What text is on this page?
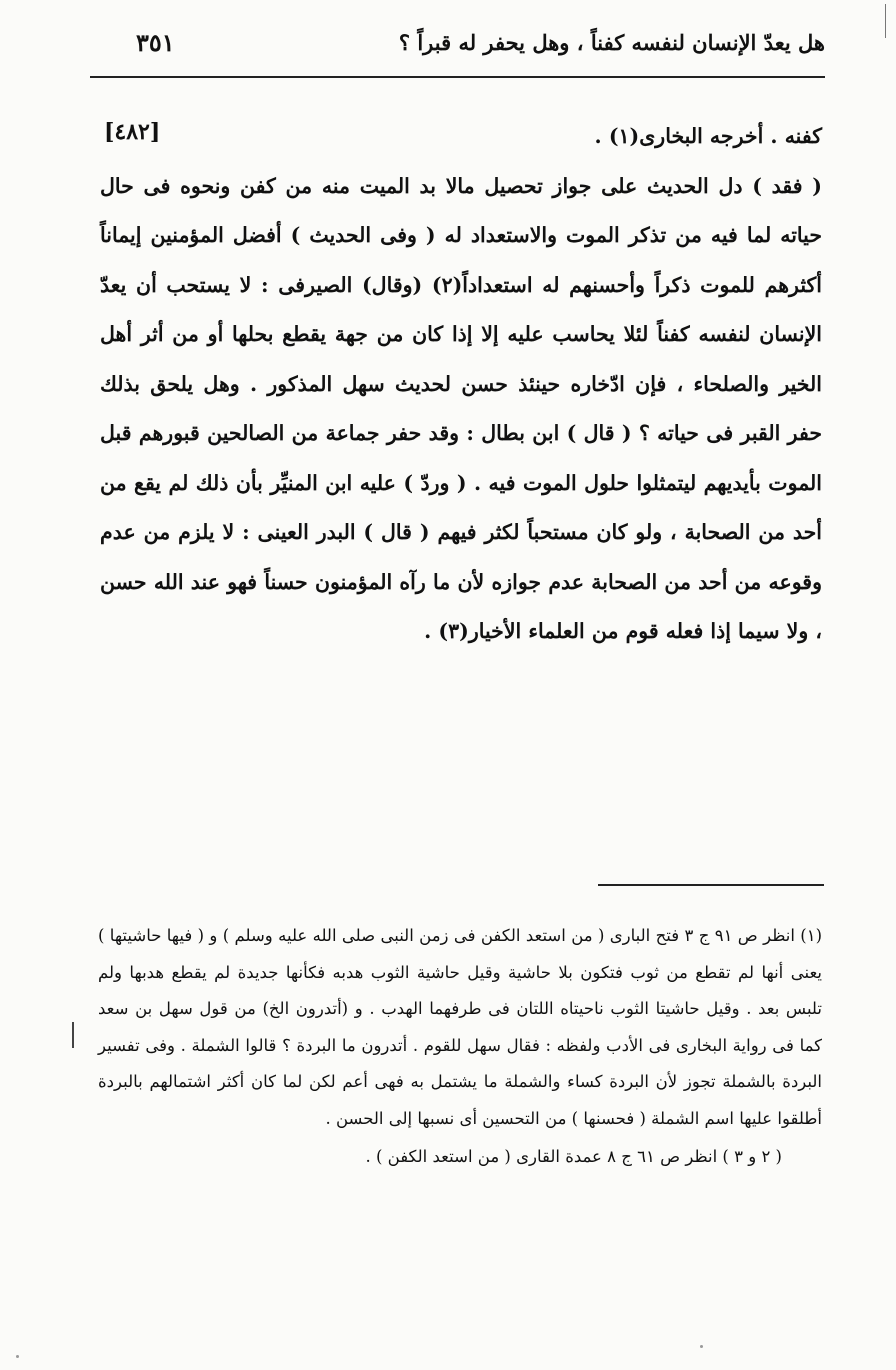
هل يعدّ الإنسان لنفسه كفناً ، وهل يحفر له قبراً ؟
٣٥١
[٤٨٢]	كفنه . أخرجه البخارى(١) .

( فقد ) دل الحديث على جواز تحصيل مالا بد الميت منه من كفن ونحوه فى حال حياته لما فيه من تذكر الموت والاستعداد له ( وفى الحديث ) أفضل المؤمنين إيماناً أكثرهم للموت ذكراً وأحسنهم له استعداداً(٢) (وقال) الصيرفى : لا يستحب أن يعدّ الإنسان لنفسه كفناً لئلا يحاسب عليه إلا إذا كان من جهة يقطع بحلها أو من أثر أهل الخير والصلحاء ، فإن ادّخاره حينئذ حسن لحديث سهل المذكور . وهل يلحق بذلك حفر القبر فى حياته ؟ ( قال ) ابن بطال : وقد حفر جماعة من الصالحين قبورهم قبل الموت بأيديهم ليتمثلوا حلول الموت فيه . ( وردّ ) عليه ابن المنيِّر بأن ذلك لم يقع من أحد من الصحابة ، ولو كان مستحباً لكثر فيهم ( قال ) البدر العينى : لا يلزم من عدم وقوعه من أحد من الصحابة عدم جوازه لأن ما رآه المؤمنون حسناً فهو عند الله حسن ، ولا سيما إذا فعله قوم من العلماء الأخيار(٣) .

(١) انظر ص ٩١ ج ٣ فتح البارى ( من استعد الكفن فى زمن النبى صلى الله عليه وسلم ) و ( فيها حاشيتها ) يعنى أنها لم تقطع من ثوب فتكون بلا حاشية وقيل حاشية الثوب هدبه فكأنها جديدة لم يقطع هدبها ولم تلبس بعد . وقيل حاشيتا الثوب ناحيتاه اللتان فى طرفهما الهدب . و (أتدرون الخ) من قول سهل بن سعد كما فى رواية البخارى فى الأدب ولفظه : فقال سهل للقوم . أتدرون ما البردة ؟ قالوا الشملة . وفى تفسير البردة بالشملة تجوز لأن البردة كساء والشملة ما يشتمل به فهى أعم لكن لما كان أكثر اشتمالهم بالبردة أطلقوا عليها اسم الشملة ( فحسنها ) من التحسين أى نسبها إلى الحسن .

( ٢ و ٣ ) انظر ص ٦١ ج ٨ عمدة القارى ( من استعد الكفن ) .
